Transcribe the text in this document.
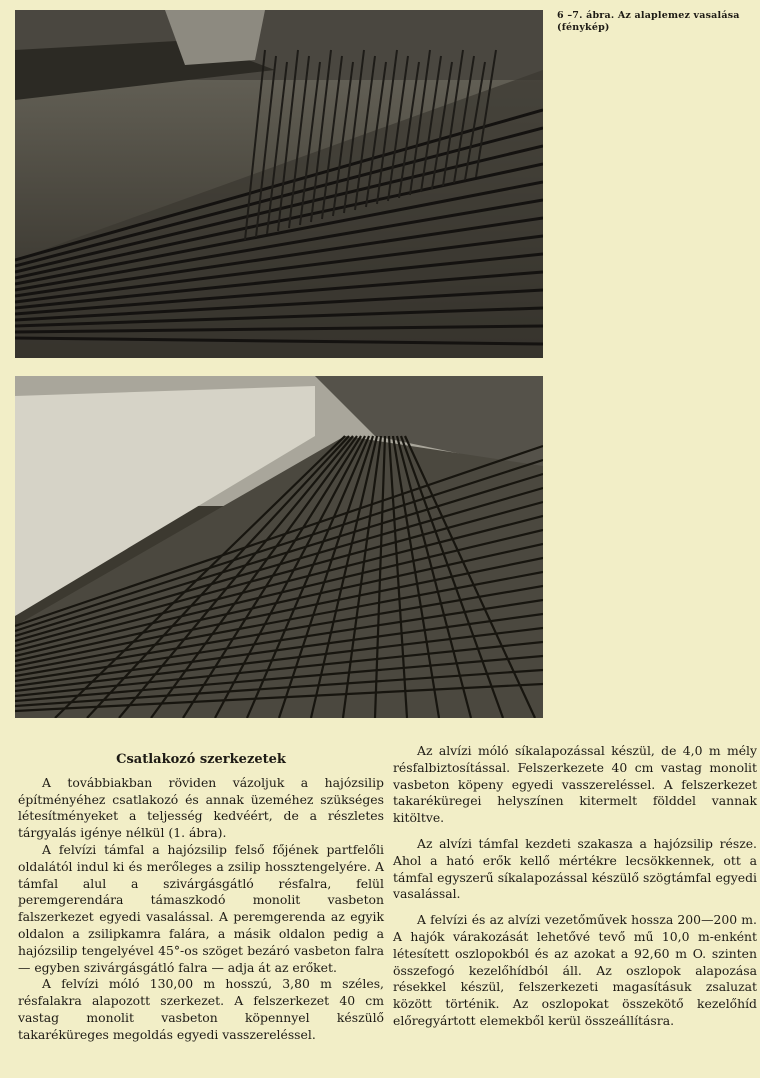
6 –7. ábra. Az alaplemez vasalása (fénykép)
Csatlakozó szerkezetek

A továbbiakban röviden vázoljuk a hajózsilip építményéhez csatlakozó és annak üzeméhez szükséges létesítményeket a teljesség kedvéért, de a részletes tárgyalás igénye nélkül (1. ábra).

A felvízi támfal a hajózsilip felső főjének partfelőli oldalától indul ki és merőleges a zsilip hossztengelyére. A támfal alul a szivárgásgátló résfalra, felül peremgerendára támaszkodó monolit vasbeton falszerkezet egyedi vasalással. A peremgerenda az egyik oldalon a zsilipkamra falára, a másik oldalon pedig a hajózsilip tengelyével 45°-os szöget bezáró vasbeton falra — egyben szivárgásgátló falra — adja át az erőket.

A felvízi móló 130,00 m hosszú, 3,80 m széles, résfalakra alapozott szerkezet. A felszerkezet 40 cm vastag monolit vasbeton köpennyel készülő takaréküreges megoldás egyedi vasszereléssel.

Az alvízi móló síkalapozással készül, de 4,0 m mély résfalbiztosítással. Felszerkezete 40 cm vastag monolit vasbeton köpeny egyedi vasszereléssel. A felszerkezet takaréküregei helyszínen kitermelt földdel vannak kitöltve.

Az alvízi támfal kezdeti szakasza a hajózsilip része. Ahol a ható erők kellő mértékre lecsökkennek, ott a támfal egyszerű síkalapozással készülő szögtámfal egyedi vasalással.

A felvízi és az alvízi vezetőművek hossza 200—200 m. A hajók várakozását lehetővé tevő mű 10,0 m-enként létesített oszlopokból és az azokat a 92,60 m O. szinten összefogó kezelőhídból áll. Az oszlopok alapozása résekkel készül, felszerkezeti magasításuk zsaluzat között történik. Az oszlopokat összekötő kezelőhíd előregyártott elemekből kerül összeállításra.
